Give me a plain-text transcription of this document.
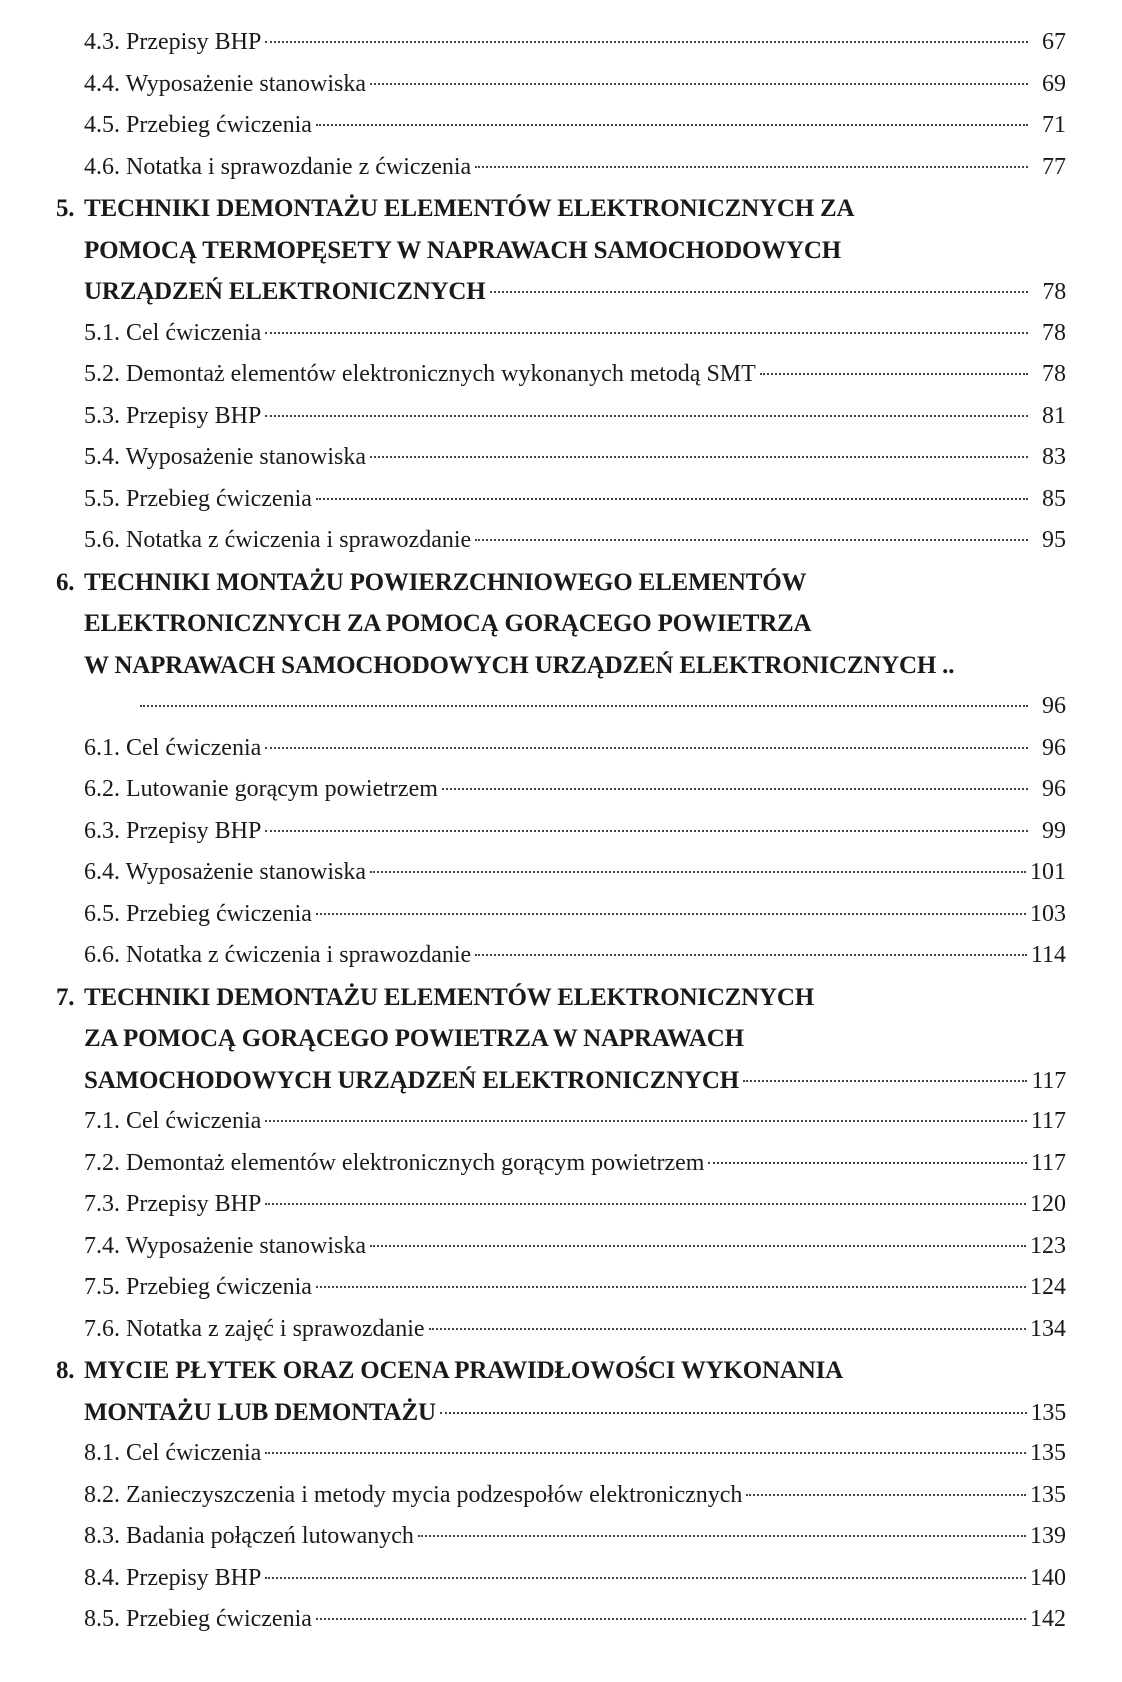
4.3. Przepisy BHP	67
4.4. Wyposażenie stanowiska	69
4.5. Przebieg ćwiczenia	71
4.6. Notatka i sprawozdanie z ćwiczenia	77
5. TECHNIKI DEMONTAŻU ELEMENTÓW ELEKTRONICZNYCH ZA
POMOCĄ TERMOPĘSETY W NAPRAWACH SAMOCHODOWYCH
URZĄDZEŃ ELEKTRONICZNYCH	78
5.1. Cel ćwiczenia	78
5.2. Demontaż elementów elektronicznych wykonanych metodą SMT	78
5.3. Przepisy BHP	81
5.4. Wyposażenie stanowiska	83
5.5. Przebieg ćwiczenia	85
5.6. Notatka z ćwiczenia i sprawozdanie	95
6. TECHNIKI MONTAŻU POWIERZCHNIOWEGO ELEMENTÓW
ELEKTRONICZNYCH ZA POMOCĄ GORĄCEGO POWIETRZA
W NAPRAWACH SAMOCHODOWYCH URZĄDZEŃ ELEKTRONICZNYCH ..
96
6.1. Cel ćwiczenia	96
6.2. Lutowanie gorącym powietrzem	96
6.3. Przepisy BHP	99
6.4. Wyposażenie stanowiska	101
6.5. Przebieg ćwiczenia	103
6.6. Notatka z ćwiczenia i sprawozdanie	114
7. TECHNIKI DEMONTAŻU ELEMENTÓW ELEKTRONICZNYCH
ZA POMOCĄ GORĄCEGO POWIETRZA W NAPRAWACH
SAMOCHODOWYCH URZĄDZEŃ ELEKTRONICZNYCH	117
7.1. Cel ćwiczenia	117
7.2. Demontaż elementów elektronicznych gorącym powietrzem	117
7.3. Przepisy BHP	120
7.4. Wyposażenie stanowiska	123
7.5. Przebieg ćwiczenia	124
7.6. Notatka z zajęć i sprawozdanie	134
8. MYCIE PŁYTEK ORAZ OCENA PRAWIDŁOWOŚCI WYKONANIA
MONTAŻU LUB DEMONTAŻU	135
8.1. Cel ćwiczenia	135
8.2. Zanieczyszczenia i metody mycia podzespołów elektronicznych	135
8.3. Badania połączeń lutowanych	139
8.4. Przepisy BHP	140
8.5. Przebieg ćwiczenia	142
